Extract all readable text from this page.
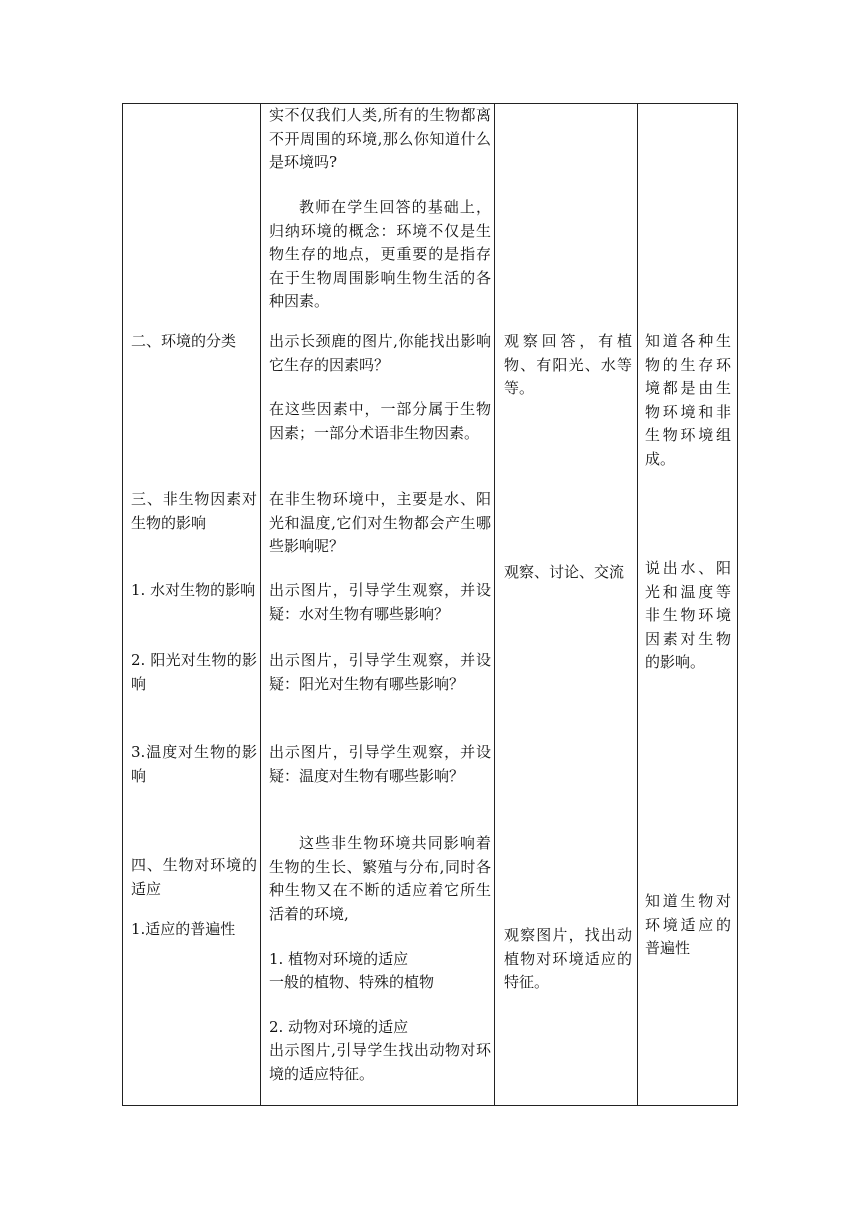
二、环境的分类

三、非生物因素对生物的影响

1. 水对生物的影响

2. 阳光对生物的影响

3.温度对生物的影响

四、生物对环境的适应

1.适应的普遍性

实不仅我们人类,所有的生物都离不开周围的环境,那么你知道什么是环境吗?

教师在学生回答的基础上，归纳环境的概念：环境不仅是生物生存的地点，更重要的是指存在于生物周围影响生物生活的各种因素。

出示长颈鹿的图片,你能找出影响它生存的因素吗？

在这些因素中，一部分属于生物因素；一部分术语非生物因素。

在非生物环境中，主要是水、阳光和温度,它们对生物都会产生哪些影响呢？

出示图片，引导学生观察，并设疑：水对生物有哪些影响？

出示图片，引导学生观察，并设疑：阳光对生物有哪些影响？

出示图片，引导学生观察，并设疑：温度对生物有哪些影响？

这些非生物环境共同影响着生物的生长、繁殖与分布,同时各种生物又在不断的适应着它所生活着的环境,

1. 植物对环境的适应

一般的植物、特殊的植物

2. 动物对环境的适应

出示图片,引导学生找出动物对环境的适应特征。

观察回答，有植物、有阳光、水等等。

观察、讨论、交流

观察图片，找出动植物对环境适应的特征。

知道各种生物的生存环境都是由生物环境和非生物环境组成。

说出水、阳光和温度等非生物环境因素对生物的影响。

知道生物对环境适应的普遍性
